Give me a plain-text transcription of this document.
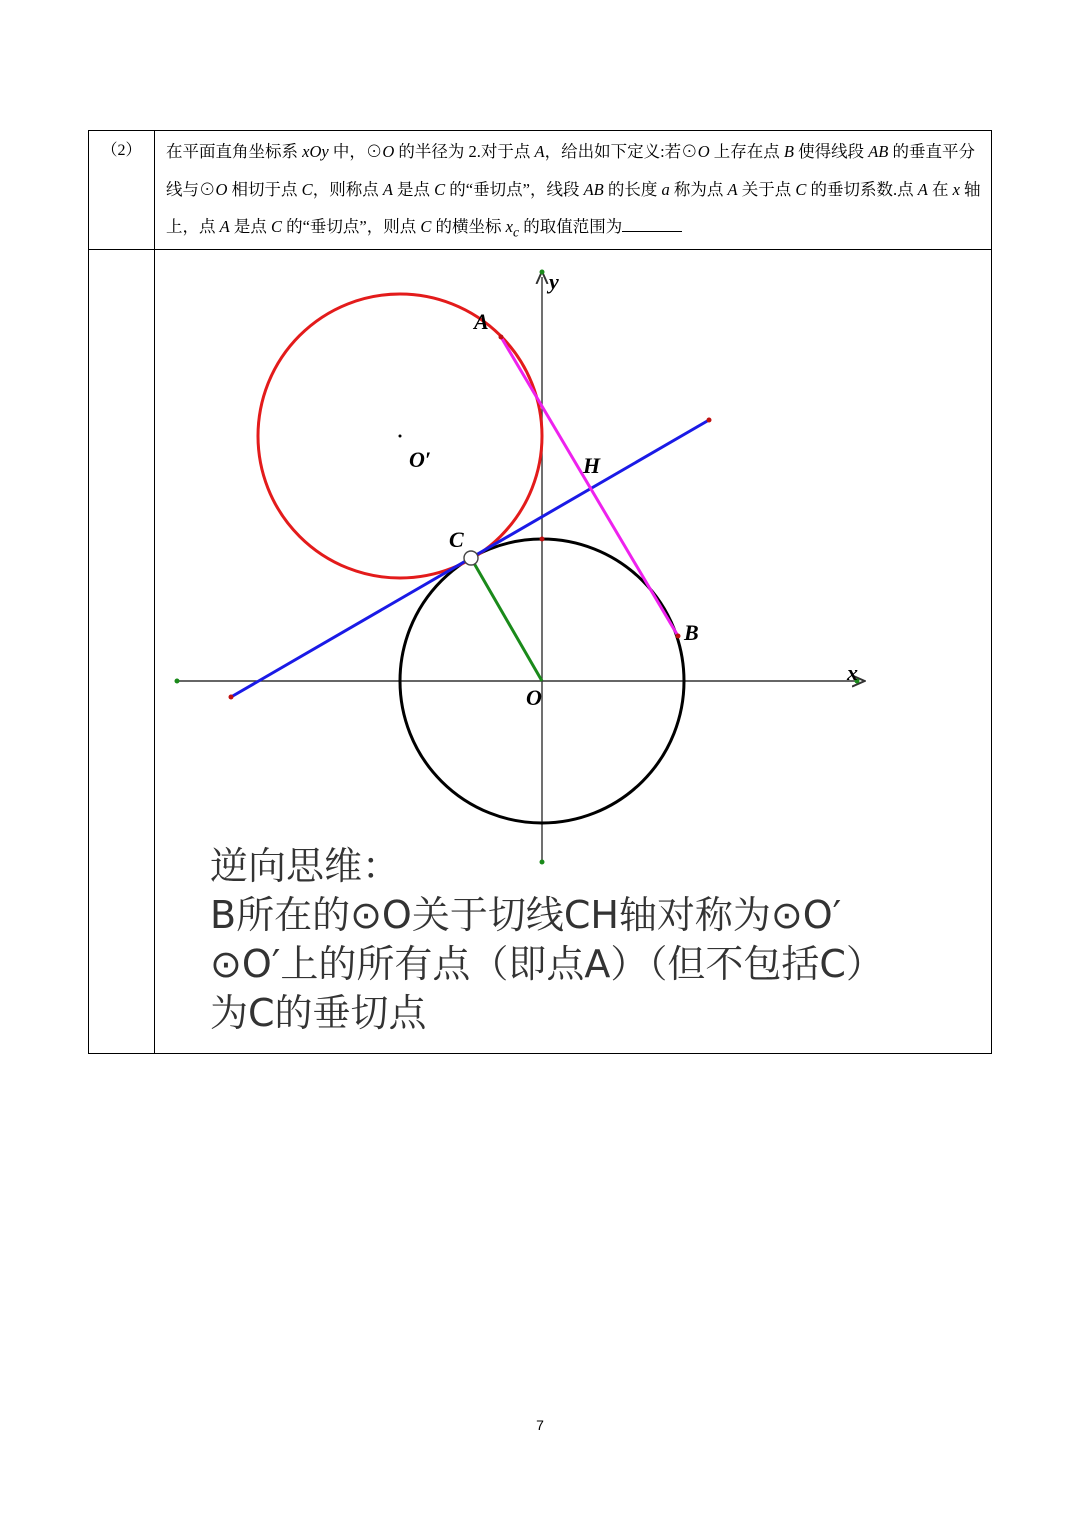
（2）	在平面直角坐标系 xOy 中，⊙O 的半径为 2.对于点 A，给出如下定义:若⊙O 上存在点 B 使得线段 AB 的垂直平分线与⊙O 相切于点 C，则称点 A 是点 C 的“垂切点”，线段 AB 的长度 a 称为点 A 关于点 C 的垂切系数.点 A 在 x 轴上，点 A 是点 C 的“垂切点”，则点 C 的横坐标 $x_c$ 的取值范围为
y
x
A
O′	H
C
B
O
逆向思维：
B所在的⊙O关于切线CH轴对称为⊙O′
⊙O′上的所有点（即点A）（但不包括C）
为C的垂切点
7
